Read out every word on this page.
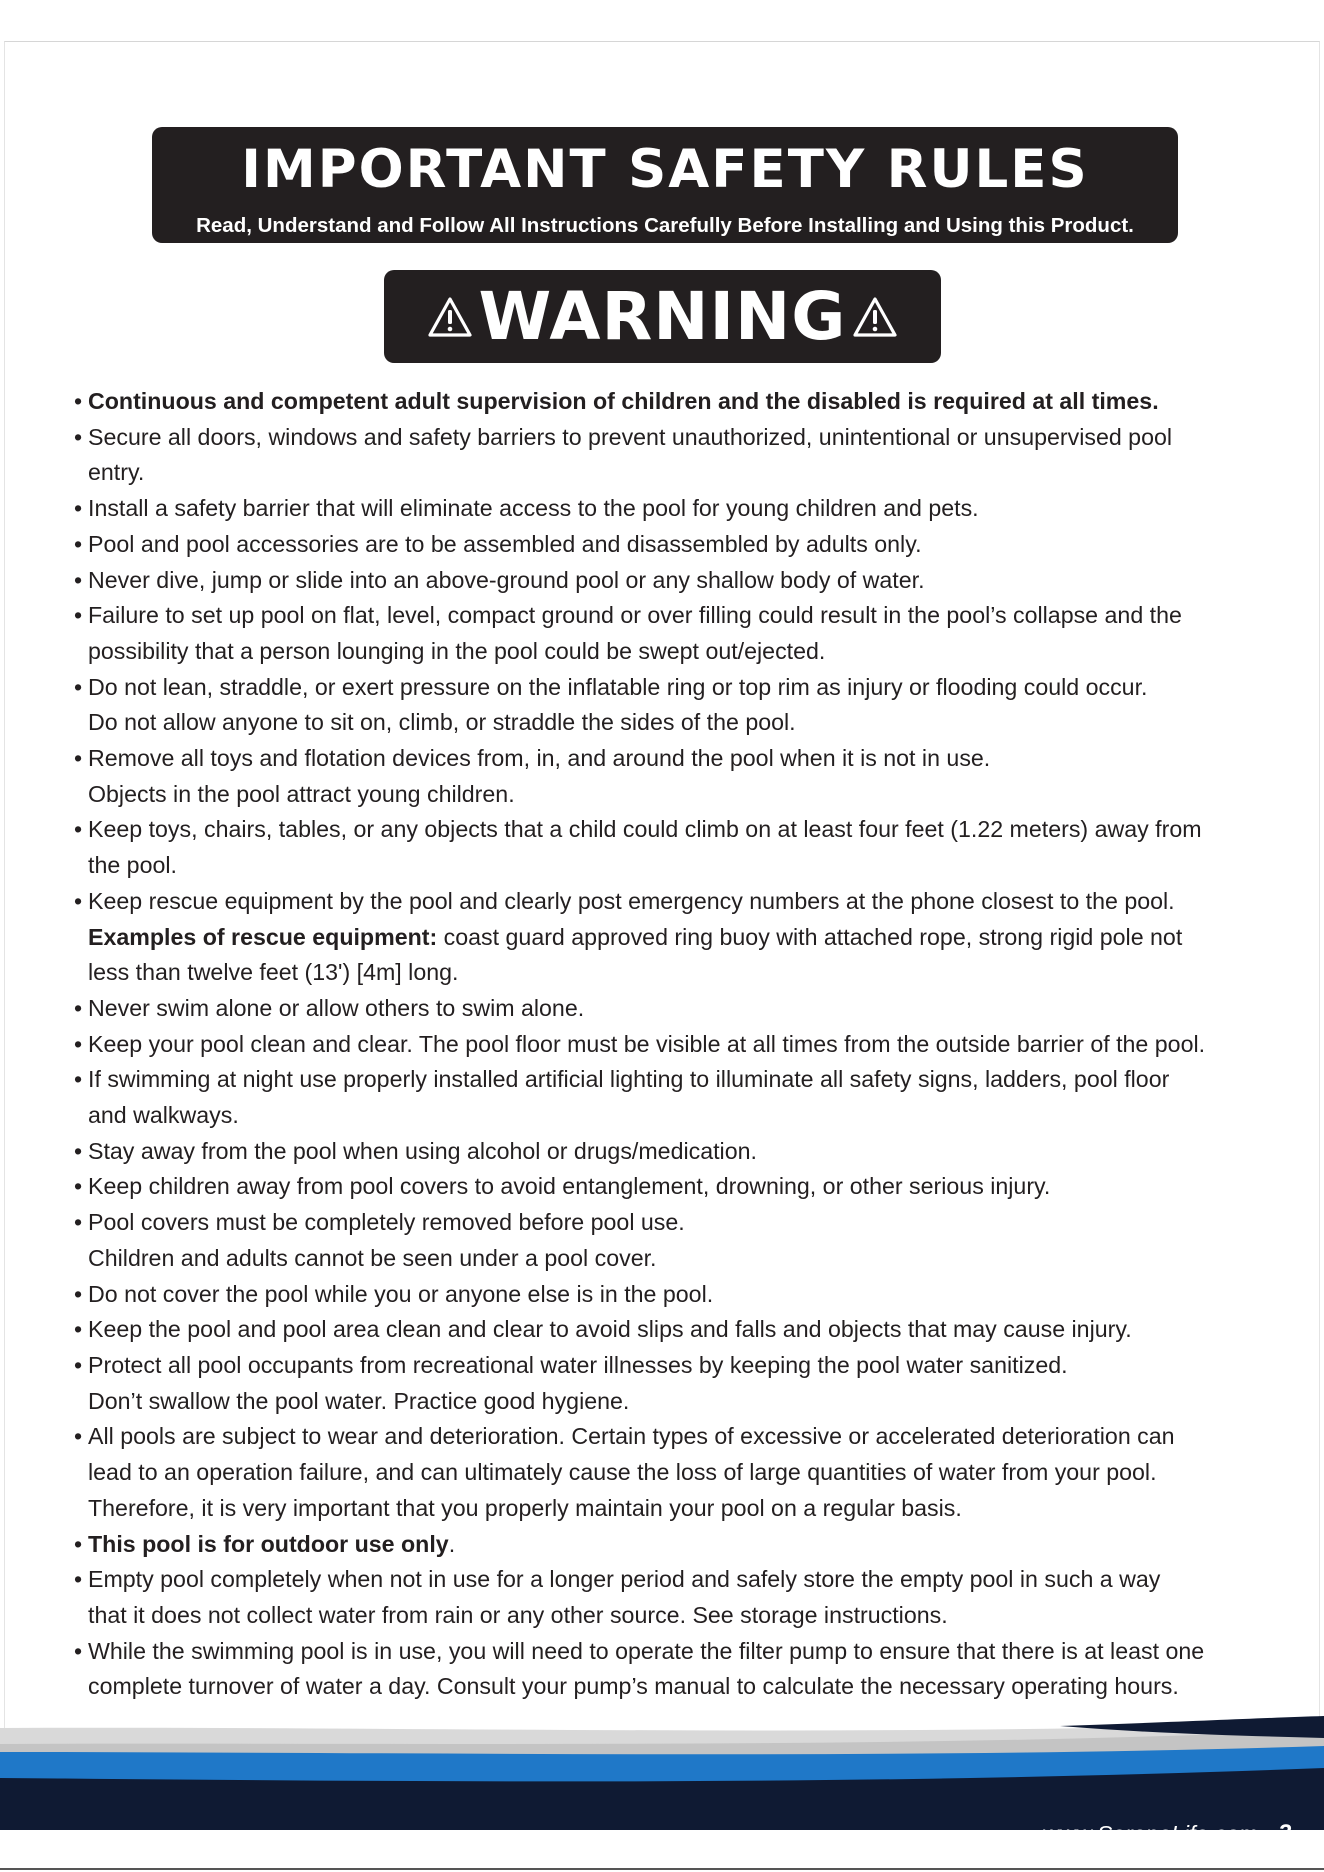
IMPORTANT SAFETY RULES
Read, Understand and Follow All Instructions Carefully Before Installing and Using this Product.
WARNING
• Continuous and competent adult supervision of children and the disabled is required at all times.
• Secure all doors, windows and safety barriers to prevent unauthorized, unintentional or unsupervised pool
entry.
• Install a safety barrier that will eliminate access to the pool for young children and pets.
• Pool and pool accessories are to be assembled and disassembled by adults only.
• Never dive, jump or slide into an above-ground pool or any shallow body of water.
• Failure to set up pool on flat, level, compact ground or over filling could result in the pool’s collapse and the
possibility that a person lounging in the pool could be swept out/ejected.
• Do not lean, straddle, or exert pressure on the inflatable ring or top rim as injury or flooding could occur.
Do not allow anyone to sit on, climb, or straddle the sides of the pool.
• Remove all toys and flotation devices from, in, and around the pool when it is not in use.
Objects in the pool attract young children.
• Keep toys, chairs, tables, or any objects that a child could climb on at least four feet (1.22 meters) away from
the pool.
• Keep rescue equipment by the pool and clearly post emergency numbers at the phone closest to the pool.
Examples of rescue equipment: coast guard approved ring buoy with attached rope, strong rigid pole not
less than twelve feet (13') [4m] long.
• Never swim alone or allow others to swim alone.
• Keep your pool clean and clear. The pool floor must be visible at all times from the outside barrier of the pool.
• If swimming at night use properly installed artificial lighting to illuminate all safety signs, ladders, pool floor
and walkways.
• Stay away from the pool when using alcohol or drugs/medication.
• Keep children away from pool covers to avoid entanglement, drowning, or other serious injury.
• Pool covers must be completely removed before pool use.
Children and adults cannot be seen under a pool cover.
• Do not cover the pool while you or anyone else is in the pool.
• Keep the pool and pool area clean and clear to avoid slips and falls and objects that may cause injury.
• Protect all pool occupants from recreational water illnesses by keeping the pool water sanitized.
Don’t swallow the pool water. Practice good hygiene.
• All pools are subject to wear and deterioration. Certain types of excessive or accelerated deterioration can
lead to an operation failure, and can ultimately cause the loss of large quantities of water from your pool.
Therefore, it is very important that you properly maintain your pool on a regular basis.
• This pool is for outdoor use only.
• Empty pool completely when not in use for a longer period and safely store the empty pool in such a way
that it does not collect water from rain or any other source. See storage instructions.
• While the swimming pool is in use, you will need to operate the filter pump to ensure that there is at least one
complete turnover of water a day. Consult your pump’s manual to calculate the necessary operating hours.
